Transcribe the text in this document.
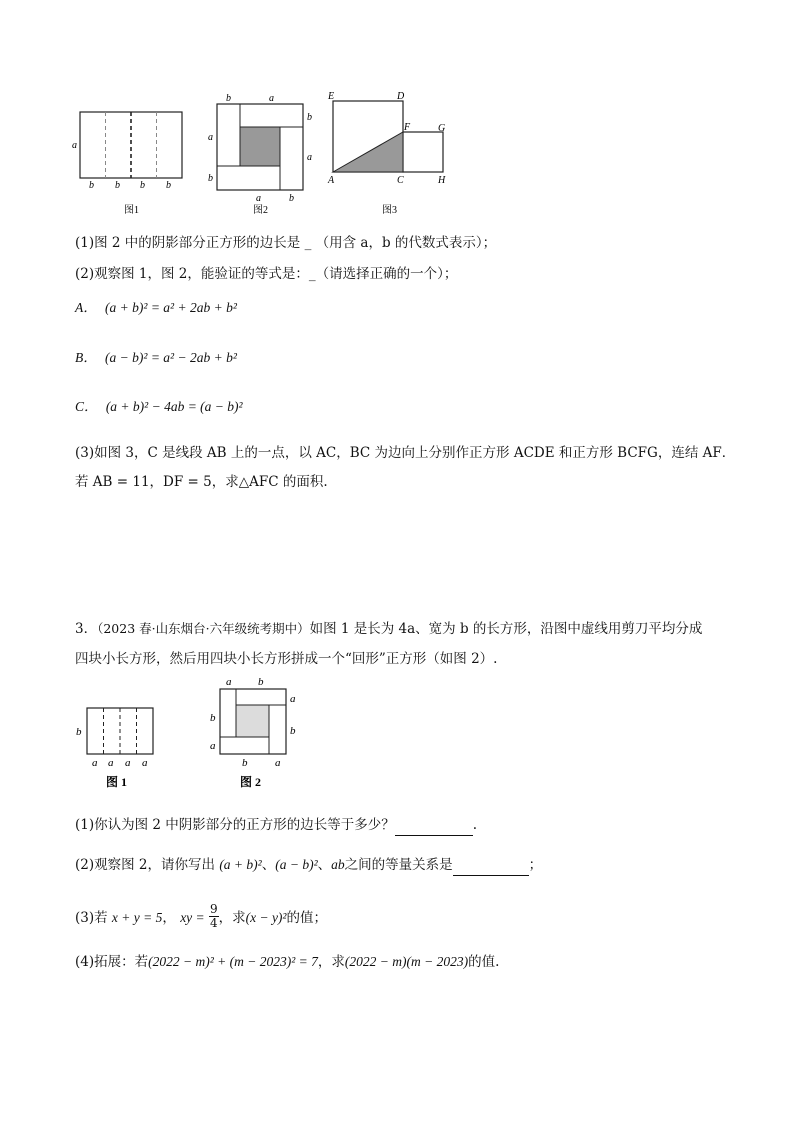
a
b b b b
图1
b	a
a
b
a
b
a	b
图2
E	D
F	G
A	C	H
图3
(1)图 2 中的阴影部分正方形的边长是 _ （用含 a，b 的代数式表示）；
(2)观察图 1，图 2，能验证的等式是：_（请选择正确的一个）；
A． (a + b)² = a² + 2ab + b²
B． (a − b)² = a² − 2ab + b²
C． (a + b)² − 4ab = (a − b)²
(3)如图 3，C 是线段 AB 上的一点，以 AC，BC 为边向上分别作正方形 ACDE 和正方形 BCFG，连结 AF．
若 AB = 11，DF = 5，求△AFC 的面积.
3．（2023 春·山东烟台·六年级统考期中）如图 1 是长为 4a、宽为 b 的长方形，沿图中虚线用剪刀平均分成
四块小长方形，然后用四块小长方形拼成一个“回形”正方形（如图 2）.
b
a a a a
图 1
a b
b
a
a
b
b	a
图 2
(1)你认为图 2 中阴影部分的正方形的边长等于多少？	.
(2)观察图 2，请你写出 (a + b)²、(a − b)²、ab之间的等量关系是	；
(3)若 x + y = 5， xy = $\frac{9}{4}$ ，求(x − y)²的值；
(4)拓展：若(2022 − m)² + (m − 2023)² = 7，求(2022 − m)(m − 2023)的值.
